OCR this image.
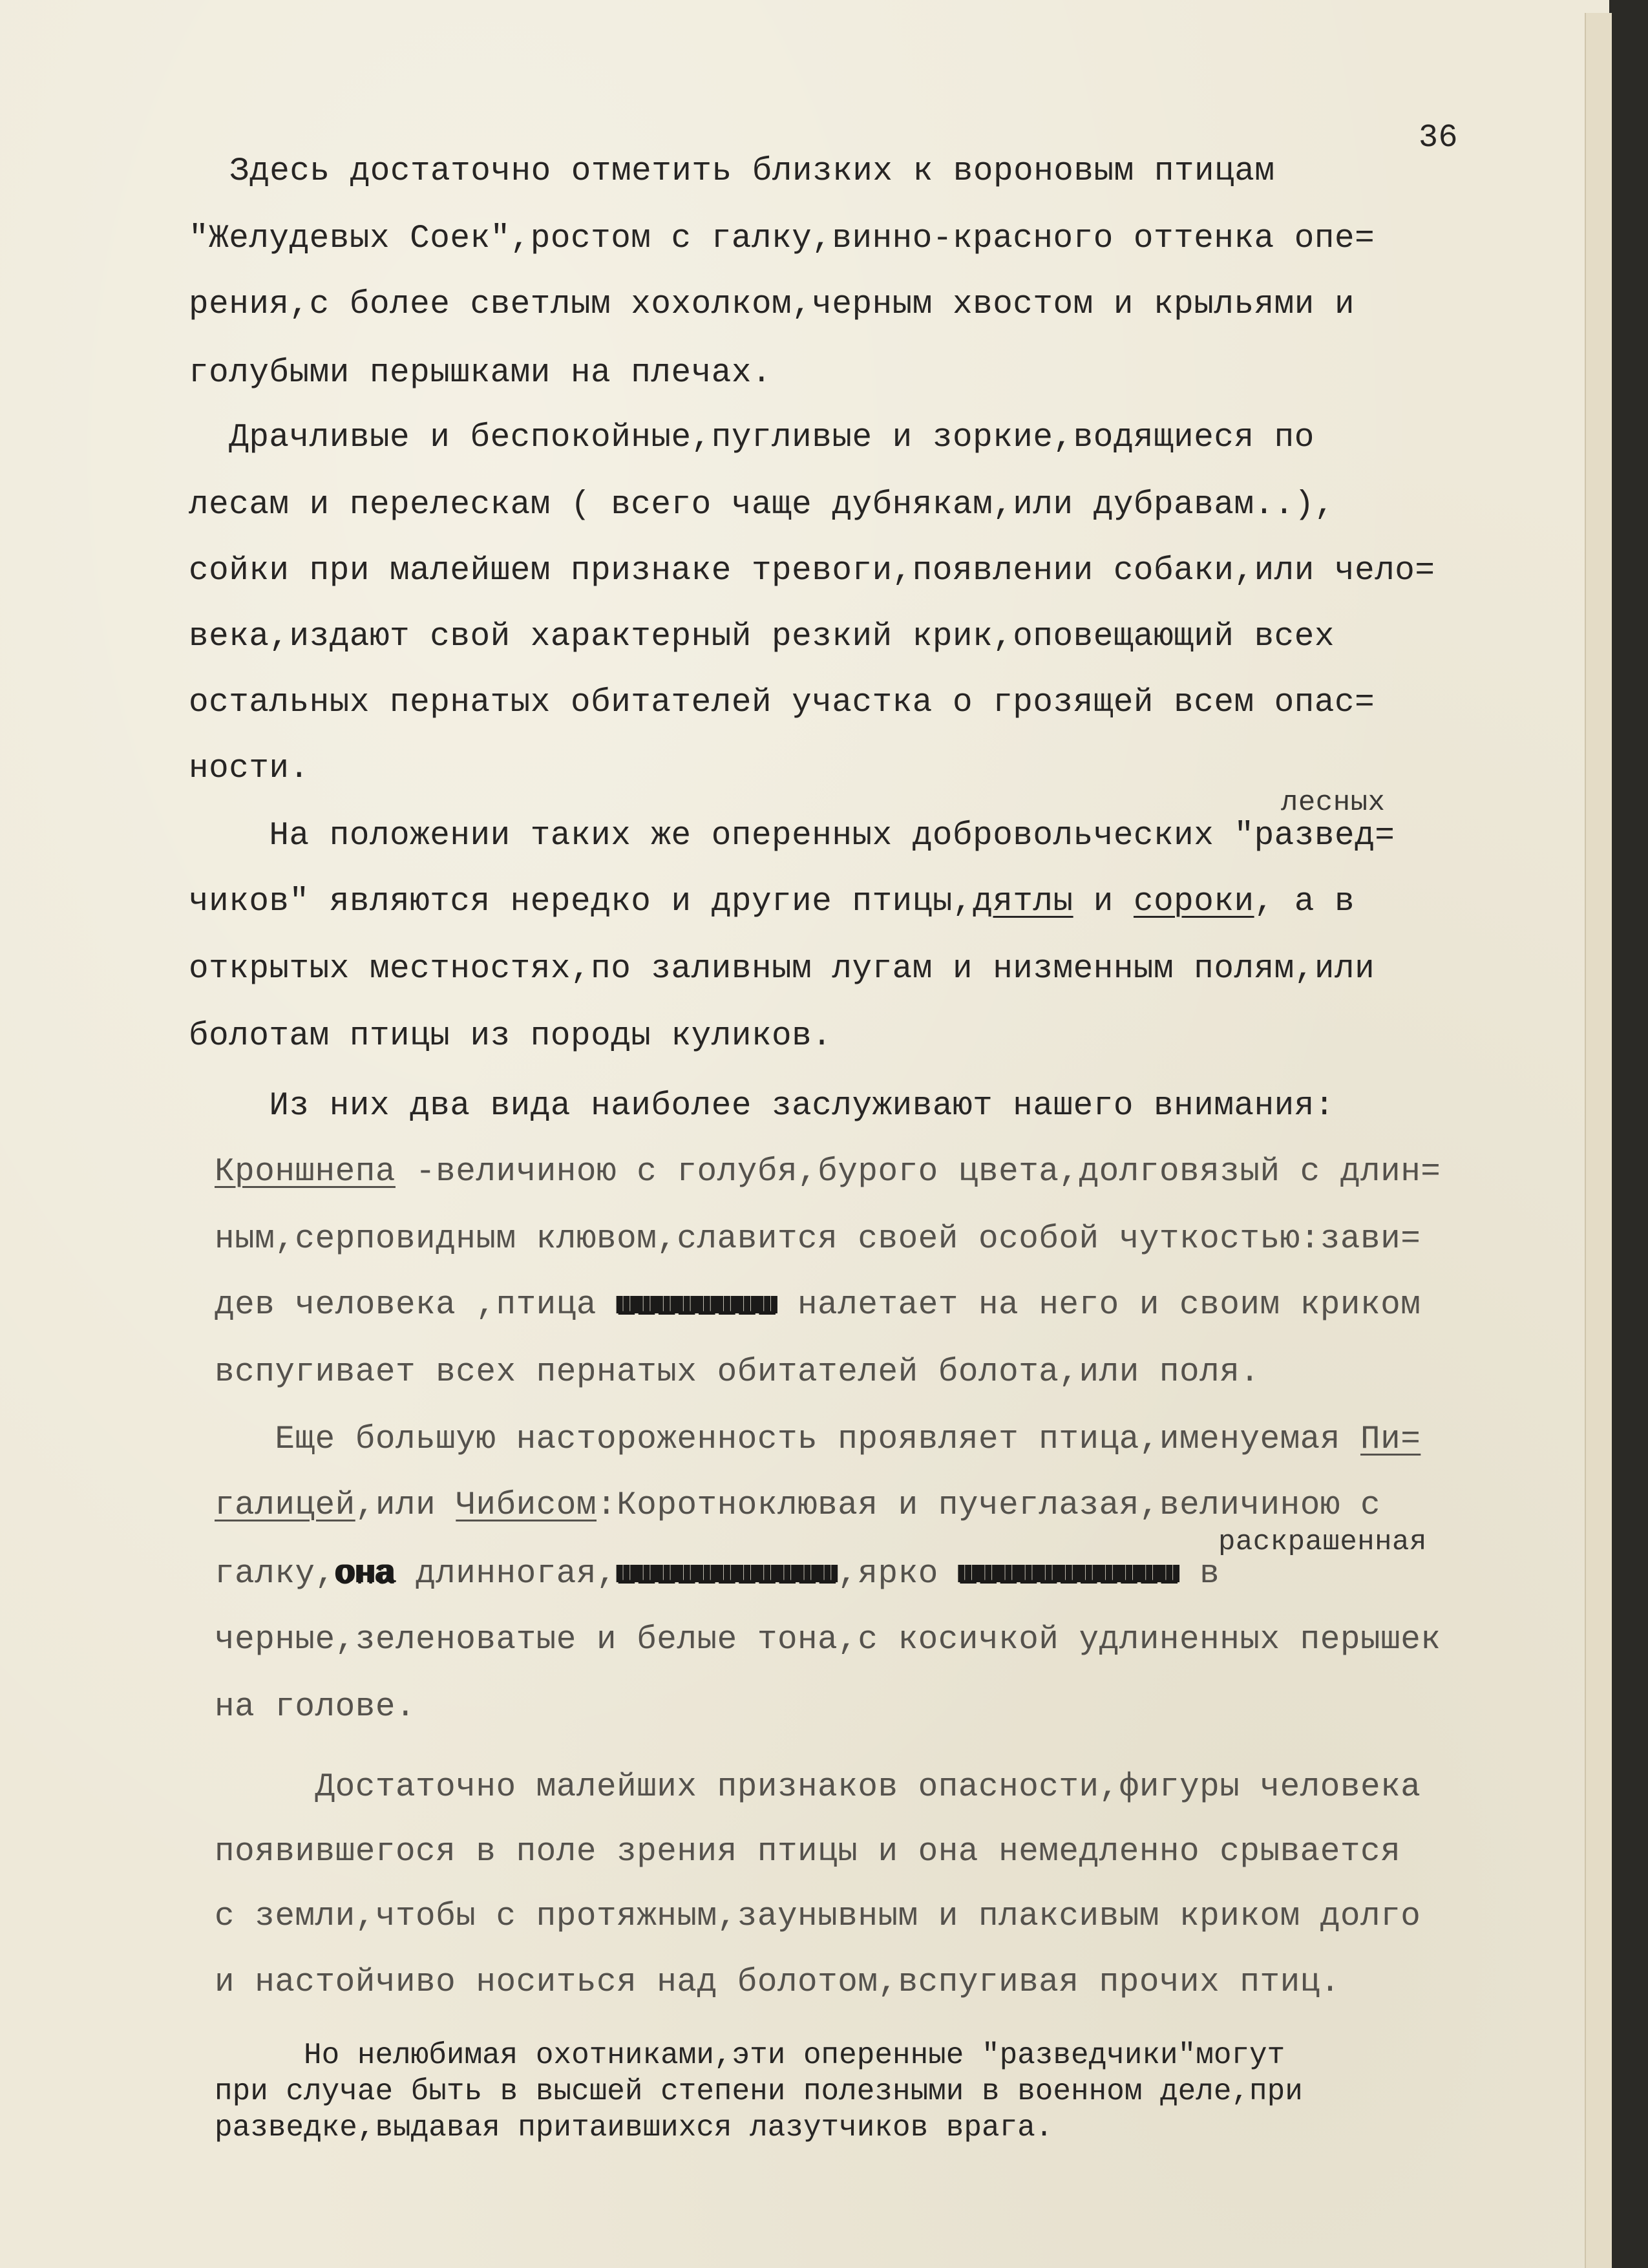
36

Здесь достаточно отметить близких к вороновым птицам

"Желудевых Соек",ростом с галку,винно-красного оттенка опе=

рения,с более светлым хохолком,черным хвостом и крыльями и

голубыми перышками на плечах.

Драчливые и беспокойные,пугливые и зоркие,водящиеся по

лесам и перелескам ( всего чаще дубнякам,или дубравам..),

сойки при малейшем признаке тревоги,появлении собаки,или чело=

века,издают свой характерный резкий крик,оповещающий всех

остальных пернатых обитателей участка о грозящей всем опас=

ности.

лесных

На положении таких же оперенных добровольческих "развед=

чиков" являются нередко и другие птицы,дятлы и сороки, а в

открытых местностях,по заливным лугам и низменным полям,или

болотам птицы из породы куликов.

Из них два вида наиболее заслуживают нашего внимания:

Кроншнепа -величиною с голубя,бурого цвета,долговязый с длин=

ным,серповидным клювом,славится своей особой чуткостью:зави=

дев человека ,птица шшшшшшшш налетает на него и своим криком

вспугивает всех пернатых обитателей болота,или поля.

Еще большую настороженность проявляет птица,именуемая Пи=

галицей,или Чибисом:Коротноклювая и пучеглазая,величиною с

раскрашенная

галку,она длинногая,шшшшшшшшшшш,ярко шшшшшшшшшшш в

черные,зеленоватые и белые тона,с косичкой удлиненных перышек

на голове.

Достаточно малейших признаков опасности,фигуры человека

появившегося в поле зрения птицы и она немедленно срывается

с земли,чтобы с протяжным,заунывным и плаксивым криком долго

и настойчиво носиться над болотом,вспугивая прочих птиц.

Но нелюбимая охотниками,эти оперенные "разведчики"могут

при случае быть в высшей степени полезными в военном деле,при

разведке,выдавая притаившихся лазутчиков врага.
